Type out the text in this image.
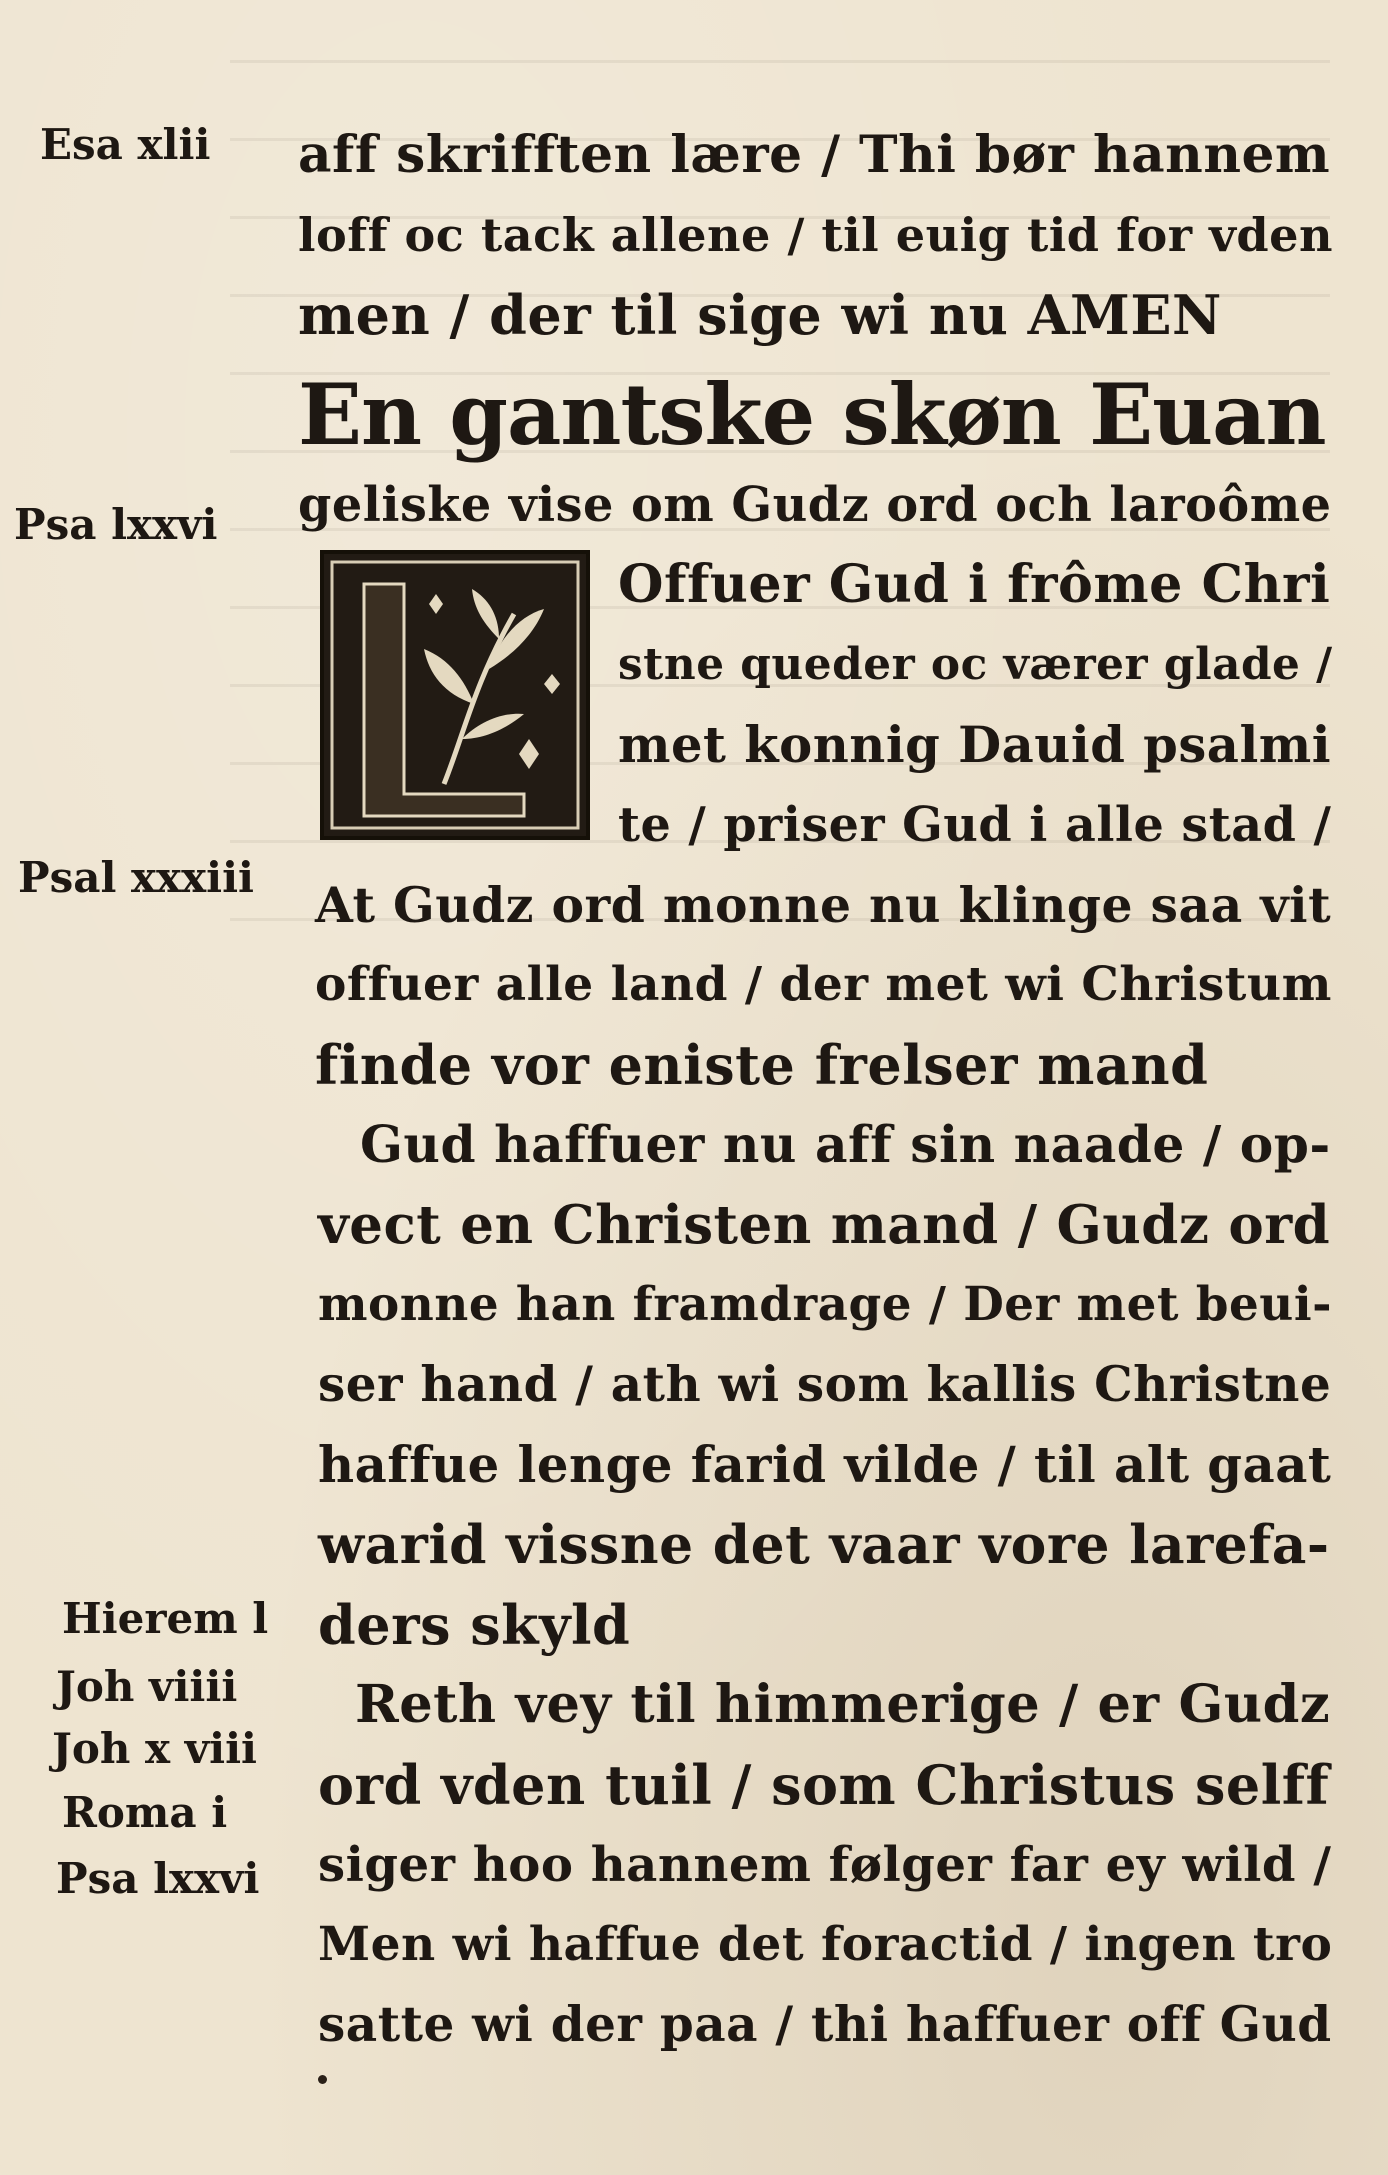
En gantske skøn Euan
Esa xlii
Psa lxxvi
Psal xxxiii
Hierem l
Joh viiii
Joh x viii
Roma i
Psa lxxvi
aff skrifften lære / Thi bør hannem
loff oc tack allene / til euig tid for vden
men / der til sige wi nu AMEN
geliske vise om Gudz ord och laroôme
Offuer Gud i frôme Chri
stne queder oc værer glade /
met konnig Dauid psalmi
te / priser Gud i alle stad /
At Gudz ord monne nu klinge saa vit
offuer alle land / der met wi Christum
finde vor eniste frelser mand
Gud haffuer nu aff sin naade / op-
vect en Christen mand / Gudz ord
monne han framdrage / Der met beui-
ser hand / ath wi som kallis Christne
haffue lenge farid vilde / til alt gaat
warid vissne det vaar vore larefa-
ders skyld
Reth vey til himmerige / er Gudz
ord vden tuil / som Christus selff
siger hoo hannem følger far ey wild /
Men wi haffue det foractid / ingen tro
satte wi der paa / thi haffuer off Gud
